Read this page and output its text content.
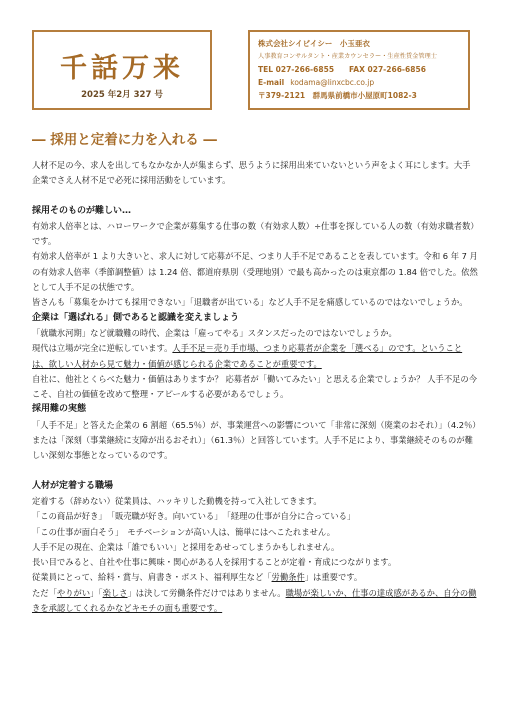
千話万来
2025 年2月 327 号
株式会社シイビイシー　小玉亜衣
人事教育コンサルタント・産業カウンセラー・生産性賃金管理士
TEL 027-266-6855　　FAX 027-266-6856
E-mail kodama@linxcbc.co.jp
〒379-2121　群馬県前橋市小屋原町1082-3
― 採用と定着に力を入れる ―

人材不足の今、求人を出してもなかなか人が集まらず、思うように採用出来ていないという声をよく耳にします。大手企業でさえ人材不足で必死に採用活動をしています。

採用そのものが難しい…

有効求人倍率とは、ハローワークで企業が募集する仕事の数（有効求人数）÷仕事を探している人の数（有効求職者数）です。

有効求人倍率が 1 より大きいと、求人に対して応募が不足、つまり人手不足であることを表しています。令和 6 年 7 月の有効求人倍率（季節調整値）は 1.24 倍、都道府県別（受理地別）で最も高かったのは東京都の 1.84 倍でした。依然として人手不足の状態です。

皆さんも「募集をかけても採用できない」「退職者が出ている」など人手不足を痛感しているのではないでしょうか。

企業は「選ばれる」側であると認識を変えましょう

「就職氷河期」など就職難の時代、企業は「雇ってやる」スタンスだったのではないでしょうか。

現代は立場が完全に逆転しています。人手不足＝売り手市場、つまり応募者が企業を「選べる」のです。ということは、欲しい人材から見て魅力・価値が感じられる企業であることが重要です。

自社に、他社とくらべた魅力・価値はありますか？ 応募者が「働いてみたい」と思える企業でしょうか？ 人手不足の今こそ、自社の価値を改めて整理・アピールする必要があるでしょう。

採用難の実態

「人手不足」と答えた企業の 6 割超（65.5％）が、事業運営への影響について「非常に深刻（廃業のおそれ）」（4.2％）または「深刻（事業継続に支障が出るおそれ）」（61.3％）と回答しています。人手不足により、事業継続そのものが難しい深刻な事態となっているのです。

人材が定着する職場

定着する（辞めない）従業員は、ハッキリした動機を持って入社してきます。

「この商品が好き」　「販売職が好き。向いている」　「経理の仕事が自分に合っている」

「この仕事が面白そう」　モチベーションが高い人は、簡単にはへこたれません。

人手不足の現在、企業は「誰でもいい」と採用をあせってしまうかもしれません。

長い目でみると、自社や仕事に興味・関心がある人を採用することが定着・育成につながります。

従業員にとって、給料・賞与、肩書き・ポスト、福利厚生など「労働条件」は重要です。

ただ「やりがい」「楽しさ」は決して労働条件だけではありません。職場が楽しいか、仕事の達成感があるか、自分の働きを承認してくれるかなどキモチの面も重要です。
